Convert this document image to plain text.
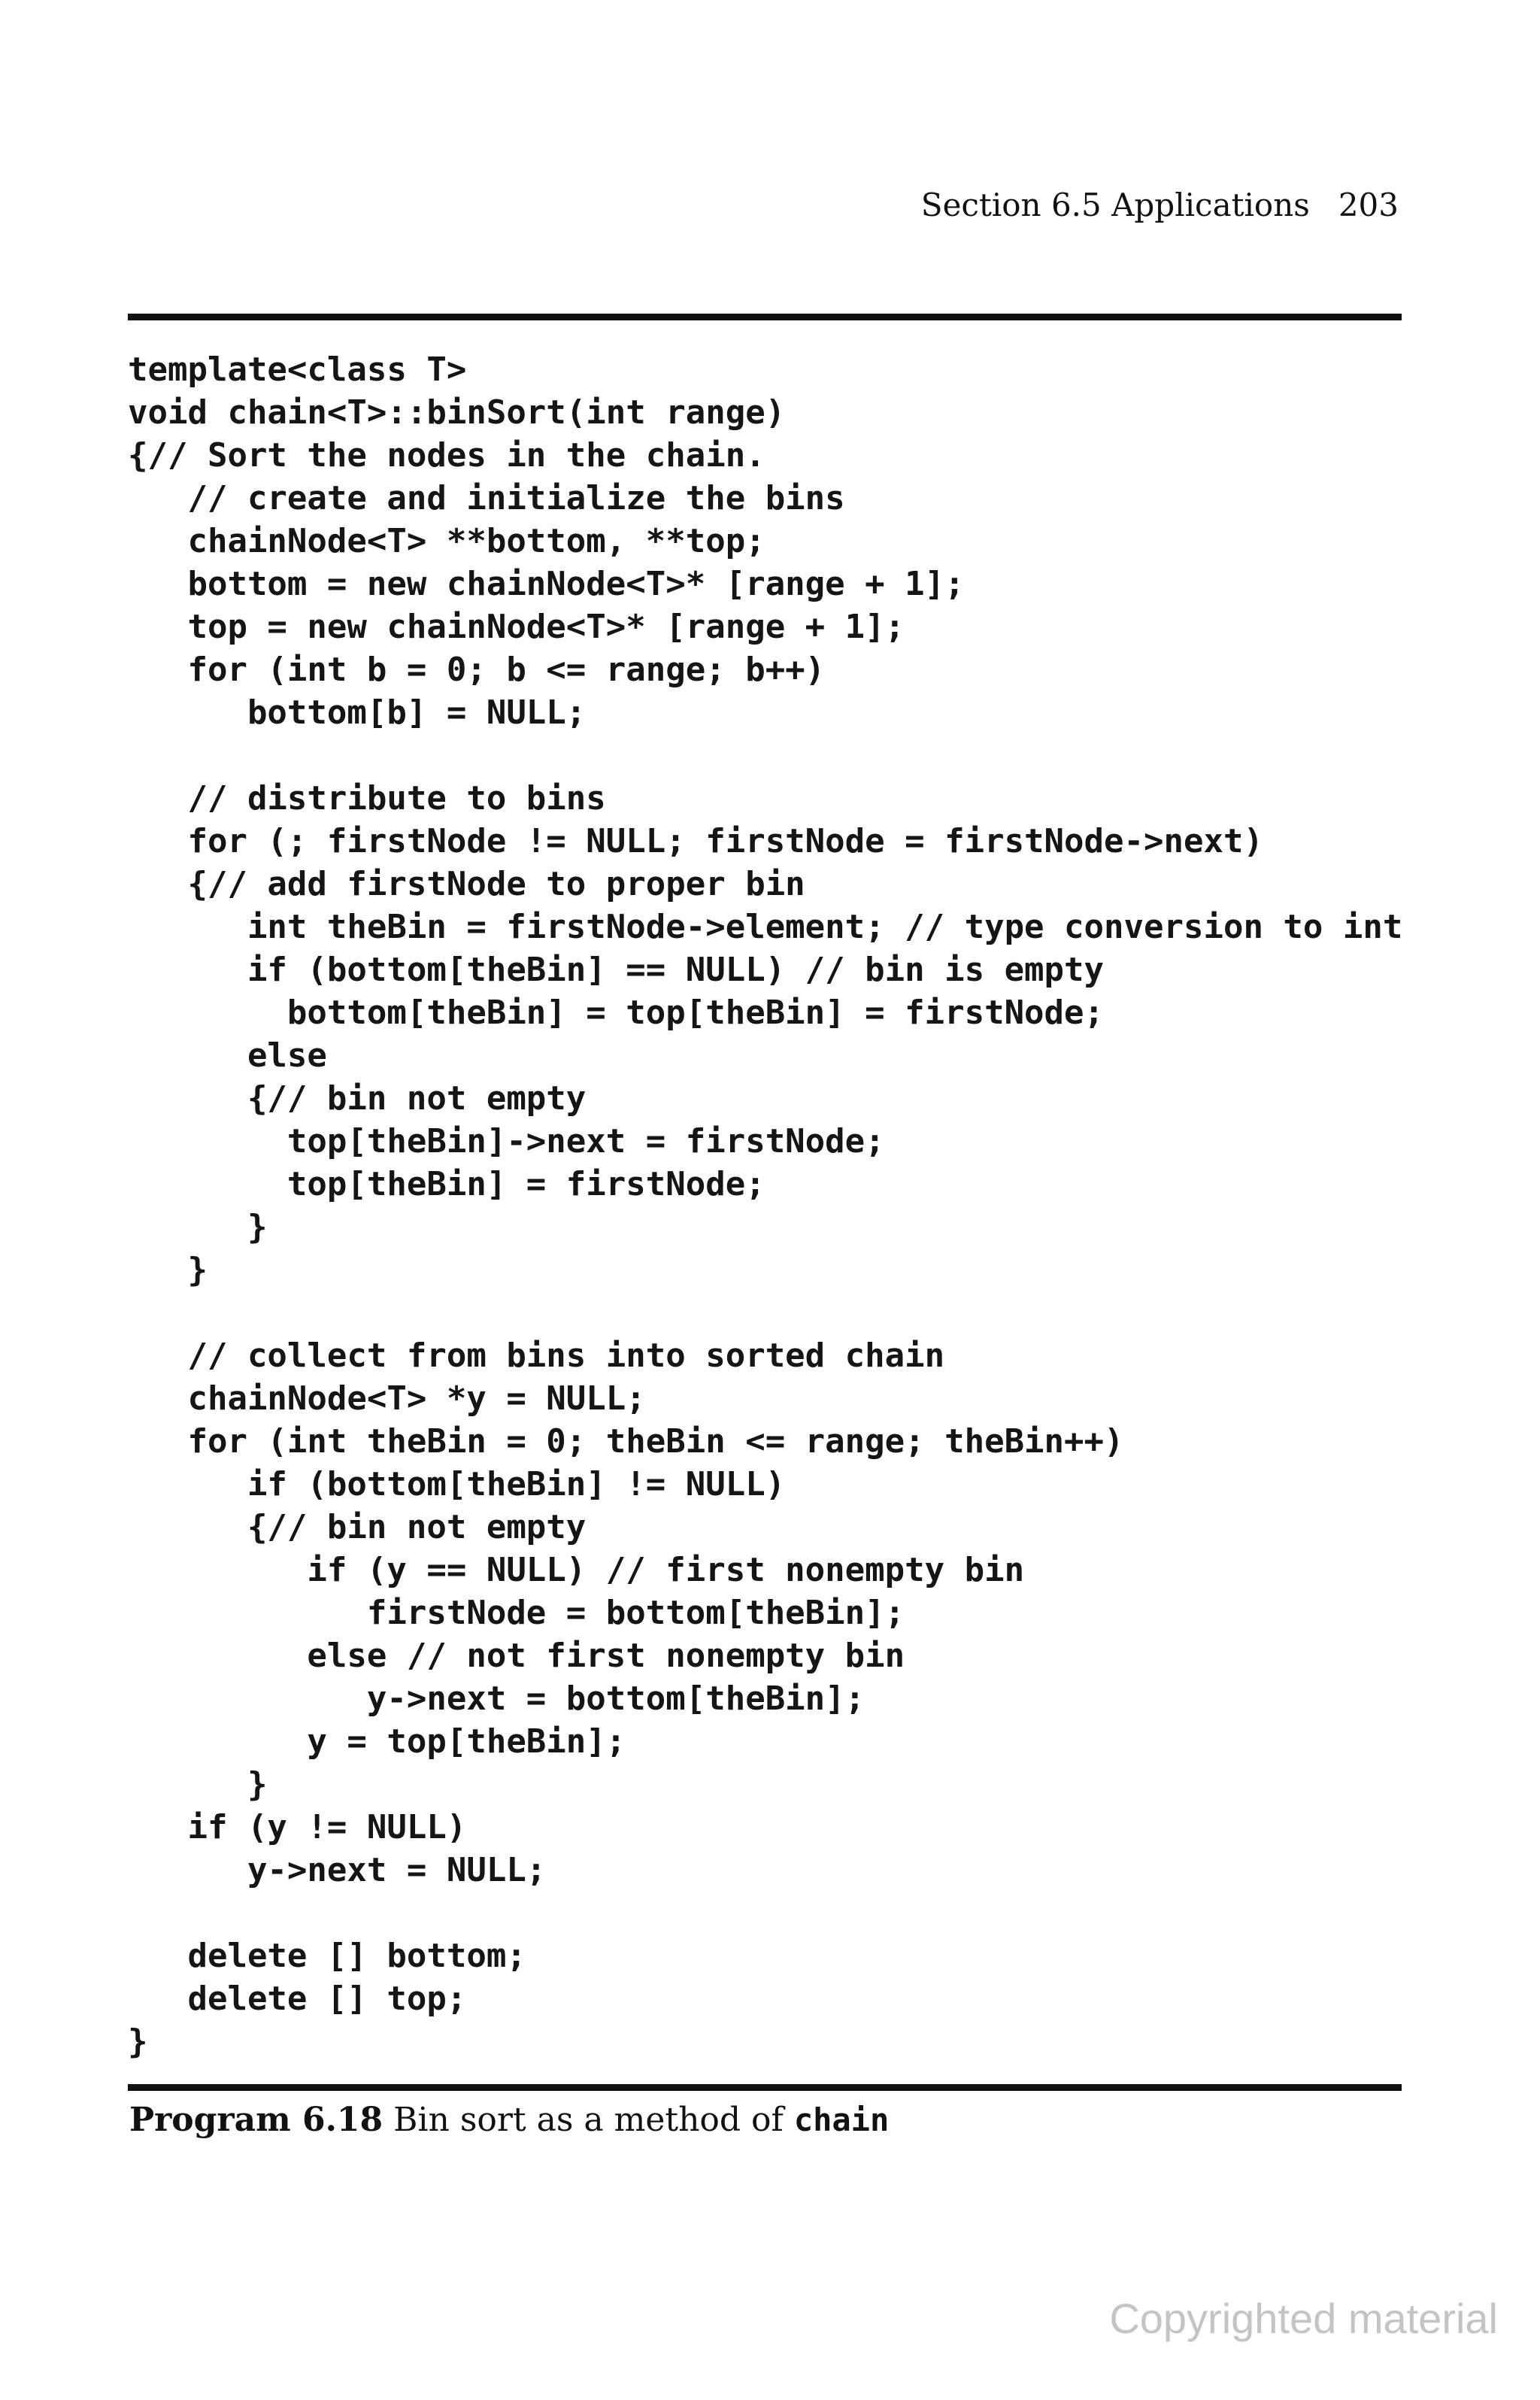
Section 6.5 Applications 203
template<class T>
void chain<T>::binSort(int range)
{// Sort the nodes in the chain.
// create and initialize the bins
chainNode<T> **bottom, **top;
bottom = new chainNode<T>* [range + 1];
top = new chainNode<T>* [range + 1];
for (int b = 0; b <= range; b++)
bottom[b] = NULL;
// distribute to bins
for (; firstNode != NULL; firstNode = firstNode->next)
{// add firstNode to proper bin
int theBin = firstNode->element; // type conversion to int
if (bottom[theBin] == NULL) // bin is empty
bottom[theBin] = top[theBin] = firstNode;
else
{// bin not empty
top[theBin]->next = firstNode;
top[theBin] = firstNode;
}
}
// collect from bins into sorted chain
chainNode<T> *y = NULL;
for (int theBin = 0; theBin <= range; theBin++)
if (bottom[theBin] != NULL)
{// bin not empty
if (y == NULL) // first nonempty bin
firstNode = bottom[theBin];
else // not first nonempty bin
y->next = bottom[theBin];
y = top[theBin];
}
if (y != NULL)
y->next = NULL;
delete [] bottom;
delete [] top;
}
Program 6.18 Bin sort as a method of chain
Copyrighted material
